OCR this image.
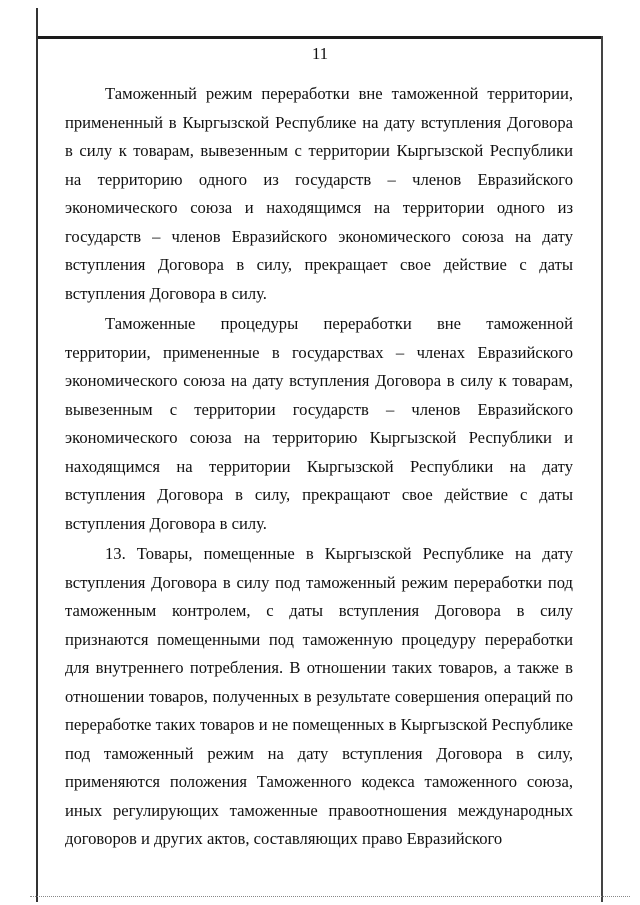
11

Таможенный режим переработки вне таможенной территории, примененный в Кыргызской Республике на дату вступления Договора в силу к товарам, вывезенным с территории Кыргызской Республики на территорию одного из государств – членов Евразийского экономического союза и находящимся на территории одного из государств – членов Евразийского экономического союза на дату вступления Договора в силу, прекращает свое действие с даты вступления Договора в силу.

Таможенные процедуры переработки вне таможенной территории, примененные в государствах – членах Евразийского экономического союза на дату вступления Договора в силу к товарам, вывезенным с территории государств – членов Евразийского экономического союза на территорию Кыргызской Республики и находящимся на территории Кыргызской Республики на дату вступления Договора в силу, прекращают свое действие с даты вступления Договора в силу.

13. Товары, помещенные в Кыргызской Республике на дату вступления Договора в силу под таможенный режим переработки под таможенным контролем, с даты вступления Договора в силу признаются помещенными под таможенную процедуру переработки для внутреннего потребления. В отношении таких товаров, а также в отношении товаров, полученных в результате совершения операций по переработке таких товаров и не помещенных в Кыргызской Республике под таможенный режим на дату вступления Договора в силу, применяются положения Таможенного кодекса таможенного союза, иных регулирующих таможенные правоотношения международных договоров и других актов, составляющих право Евразийского
